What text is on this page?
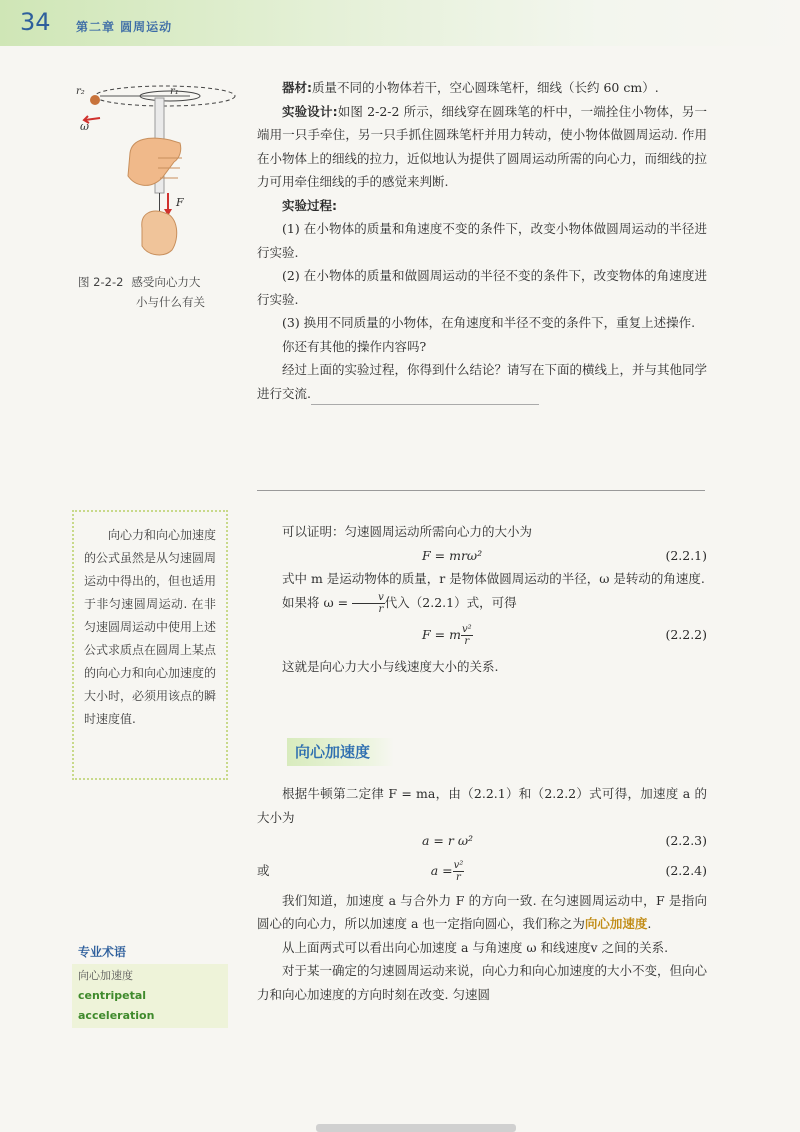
34 第二章 圆周运动
r₂	r₁
ω
F
图 2-2-2 感受向心力大
小与什么有关

器材:质量不同的小物体若干，空心圆珠笔杆，细线（长约 60 cm）.

实验设计:如图 2-2-2 所示，细线穿在圆珠笔的杆中，一端拴住小物体，另一端用一只手牵住，另一只手抓住圆珠笔杆并用力转动，使小物体做圆周运动. 作用在小物体上的细线的拉力，近似地认为提供了圆周运动所需的向心力，而细线的拉力可用牵住细线的手的感觉来判断.

实验过程:

(1) 在小物体的质量和角速度不变的条件下，改变小物体做圆周运动的半径进行实验.

(2) 在小物体的质量和做圆周运动的半径不变的条件下，改变物体的角速度进行实验.

(3) 换用不同质量的小物体，在角速度和半径不变的条件下，重复上述操作.

你还有其他的操作内容吗?

经过上面的实验过程，你得到什么结论？请写在下面的横线上，并与其他同学进行交流.

向心力和向心加速度的公式虽然是从匀速圆周运动中得出的，但也适用于非匀速圆周运动. 在非匀速圆周运动中使用上述公式求质点在圆周上某点的向心力和向心加速度的大小时，必须用该点的瞬时速度值.

可以证明：匀速圆周运动所需向心力的大小为

F = mrω²	(2.2.1)

式中 m 是运动物体的质量，r 是物体做圆周运动的半径，ω 是转动的角速度.

如果将 $\omega = \frac{v}{r}$ 代入（2.2.1）式，可得

F = m $\frac{\text{v²}}{r}$	(2.2.2)

这就是向心力大小与线速度大小的关系.

向心加速度

根据牛顿第二定律 F = ma，由（2.2.1）和（2.2.2）式可得，加速度 a 的大小为

a = r ω²	(2.2.3)
或	$a = \frac{\text{v²}}{r}$	(2.2.4)

我们知道，加速度 a 与合外力 F 的方向一致. 在匀速圆周运动中，F 是指向圆心的向心力，所以加速度 a 也一定指向圆心，我们称之为向心加速度.

从上面两式可以看出向心加速度 a 与角速度 ω 和线速度v 之间的关系.

对于某一确定的匀速圆周运动来说，向心力和向心加速度的大小不变，但向心力和向心加速度的方向时刻在改变. 匀速圆

专业术语
向心加速度
centripetal acceleration
